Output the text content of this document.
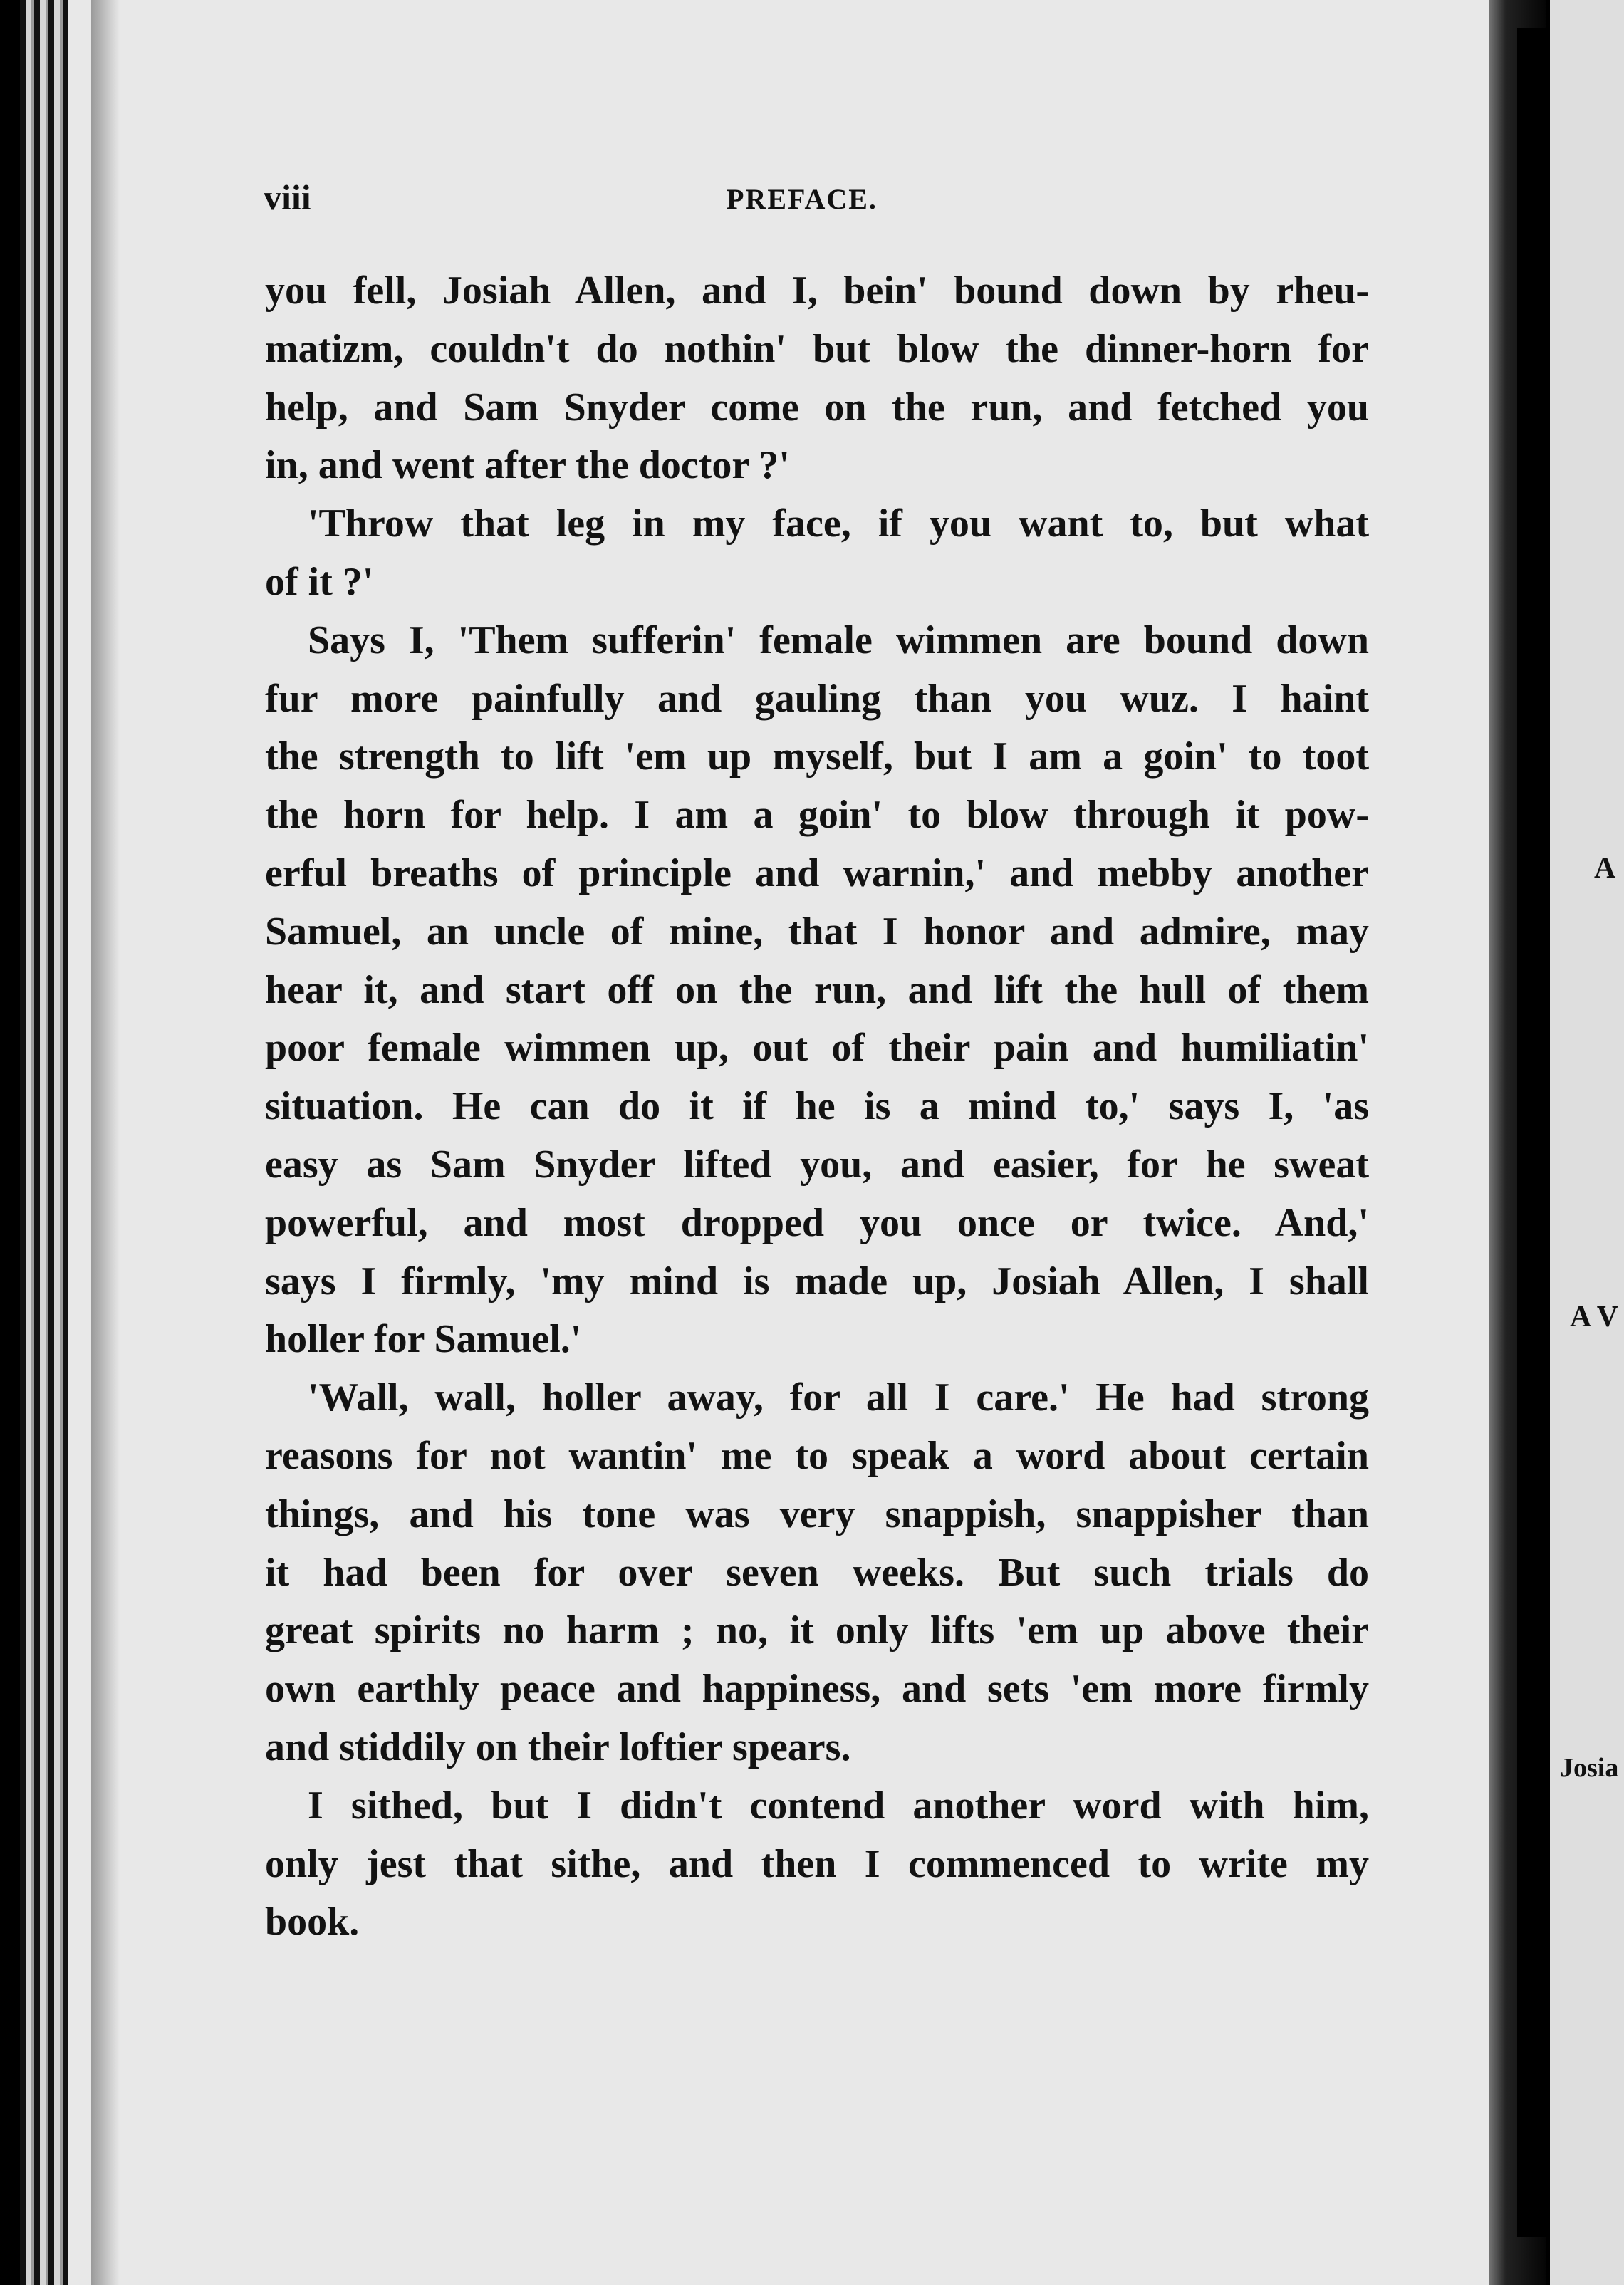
A
A V
Josia
viii	PREFACE.
you fell, Josiah Allen, and I, bein' bound down by rheu-
matizm, couldn't do nothin' but blow the dinner-horn for
help, and Sam Snyder come on the run, and fetched you
in, and went after the doctor ?'
'Throw that leg in my face, if you want to, but what
of it ?'
Says I, 'Them sufferin' female wimmen are bound down
fur more painfully and gauling than you wuz. I haint
the strength to lift 'em up myself, but I am a goin' to toot
the horn for help. I am a goin' to blow through it pow-
erful breaths of principle and warnin,' and mebby another
Samuel, an uncle of mine, that I honor and admire, may
hear it, and start off on the run, and lift the hull of them
poor female wimmen up, out of their pain and humiliatin'
situation. He can do it if he is a mind to,' says I, 'as
easy as Sam Snyder lifted you, and easier, for he sweat
powerful, and most dropped you once or twice. And,'
says I firmly, 'my mind is made up, Josiah Allen, I shall
holler for Samuel.'
'Wall, wall, holler away, for all I care.' He had strong
reasons for not wantin' me to speak a word about certain
things, and his tone was very snappish, snappisher than
it had been for over seven weeks. But such trials do
great spirits no harm ; no, it only lifts 'em up above their
own earthly peace and happiness, and sets 'em more firmly
and stiddily on their loftier spears.
I sithed, but I didn't contend another word with him,
only jest that sithe, and then I commenced to write my
book.
